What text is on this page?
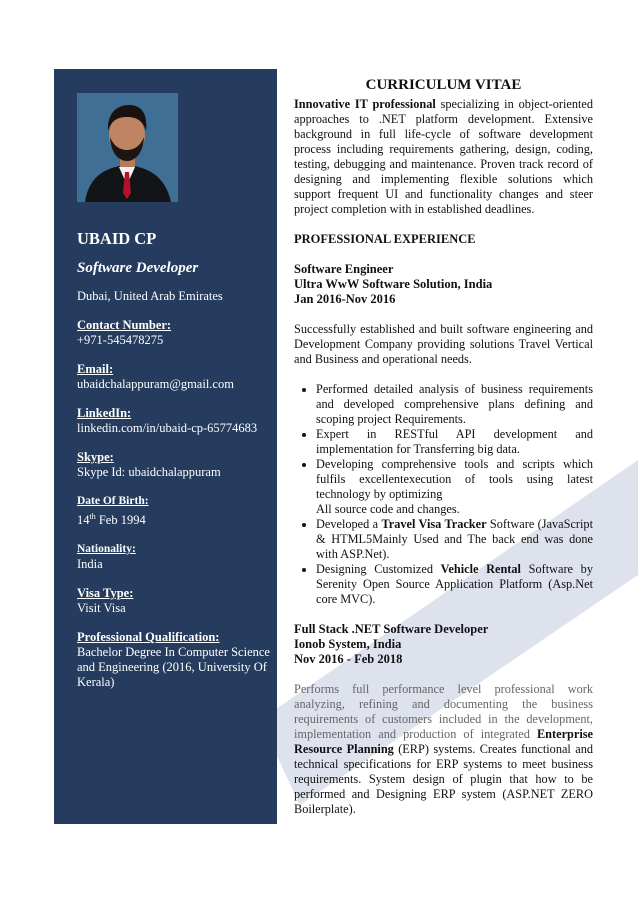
UBAID CP
Software Developer
Dubai, United Arab Emirates
Contact Number:
+971-545478275
Email:
ubaidchalappuram@gmail.com
LinkedIn:
linkedin.com/in/ubaid-cp-65774683
Skype:
Skype Id: ubaidchalappuram
Date Of Birth:
14th Feb 1994
Nationality:
India
Visa Type:
Visit Visa
Professional Qualification:
Bachelor Degree In Computer Science and Engineering (2016, University Of Kerala)
CURRICULUM VITAE

Innovative IT professional specializing in object-oriented approaches to .NET platform development. Extensive background in full life-cycle of software development process including requirements gathering, design, coding, testing, debugging and maintenance. Proven track record of designing and implementing flexible solutions which support frequent UI and functionality changes and steer project completion with in established deadlines.

PROFESSIONAL EXPERIENCE
Software Engineer
Ultra WwW Software Solution, India
Jan 2016-Nov 2016

Successfully established and built software engineering and Development Company providing solutions Travel Vertical and Business and operational needs.

• Performed detailed analysis of business requirements and developed comprehensive plans defining and scoping project Requirements.
• Expert in RESTful API development and implementation for Transferring big data.
• Developing comprehensive tools and scripts which fulfils excellentexecution of tools using latest technology by optimizing
All source code and changes.
• Developed a Travel Visa Tracker Software (JavaScript & HTML5Mainly Used and The back end was done with ASP.Net).
• Designing Customized Vehicle Rental Software by Serenity Open Source Application Platform (Asp.Net core MVC).
Full Stack .NET Software Developer
Ionob System, India
Nov 2016 - Feb 2018

Performs full performance level professional work analyzing, refining and documenting the business requirements of customers included in the development, implementation and production of integrated Enterprise Resource Planning (ERP) systems. Creates functional and technical specifications for ERP systems to meet business requirements. System design of plugin that how to be performed and Designing ERP system (ASP.NET ZERO Boilerplate).
